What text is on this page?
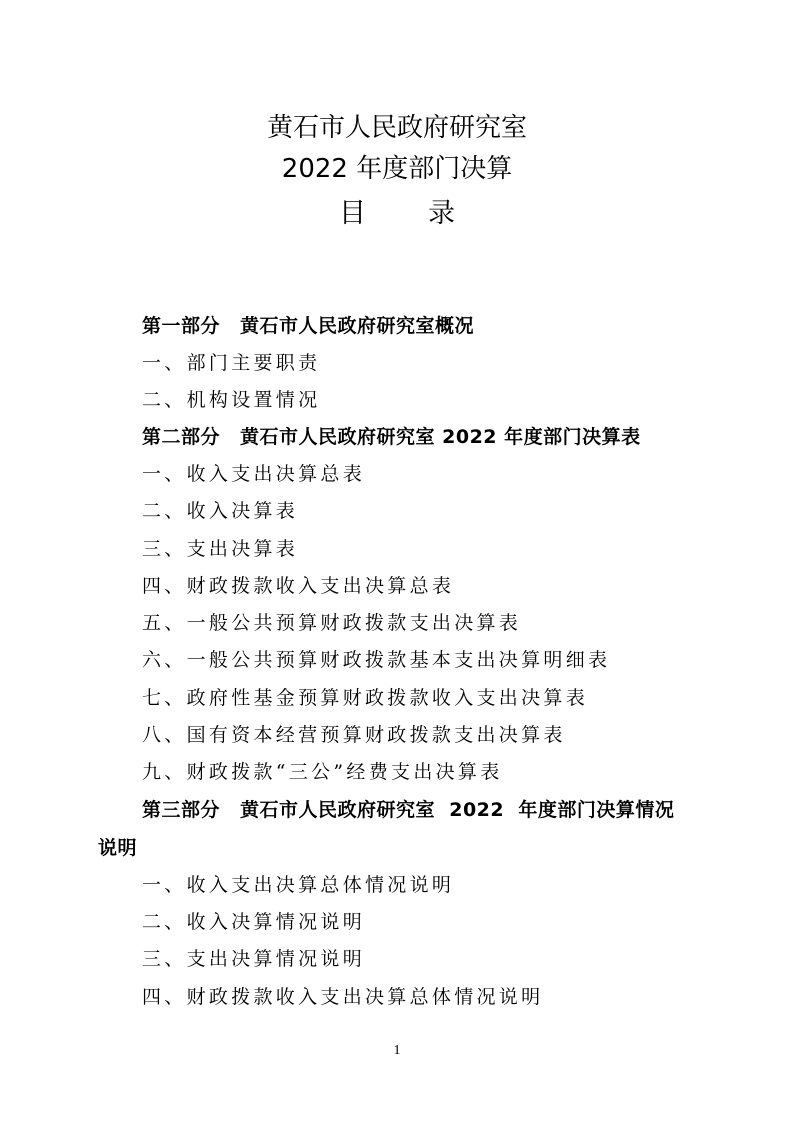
黄石市人民政府研究室
2022 年度部门决算
目 录
第一部分 黄石市人民政府研究室概况
一、部门主要职责
二、机构设置情况
第二部分 黄石市人民政府研究室 2022 年度部门决算表
一、收入支出决算总表
二、收入决算表
三、支出决算表
四、财政拨款收入支出决算总表
五、一般公共预算财政拨款支出决算表
六、一般公共预算财政拨款基本支出决算明细表
七、政府性基金预算财政拨款收入支出决算表
八、国有资本经营预算财政拨款支出决算表
九、财政拨款“三公”经费支出决算表
第三部分 黄石市人民政府研究室  2022  年度部门决算情况
说明
一、收入支出决算总体情况说明
二、收入决算情况说明
三、支出决算情况说明
四、财政拨款收入支出决算总体情况说明
1
